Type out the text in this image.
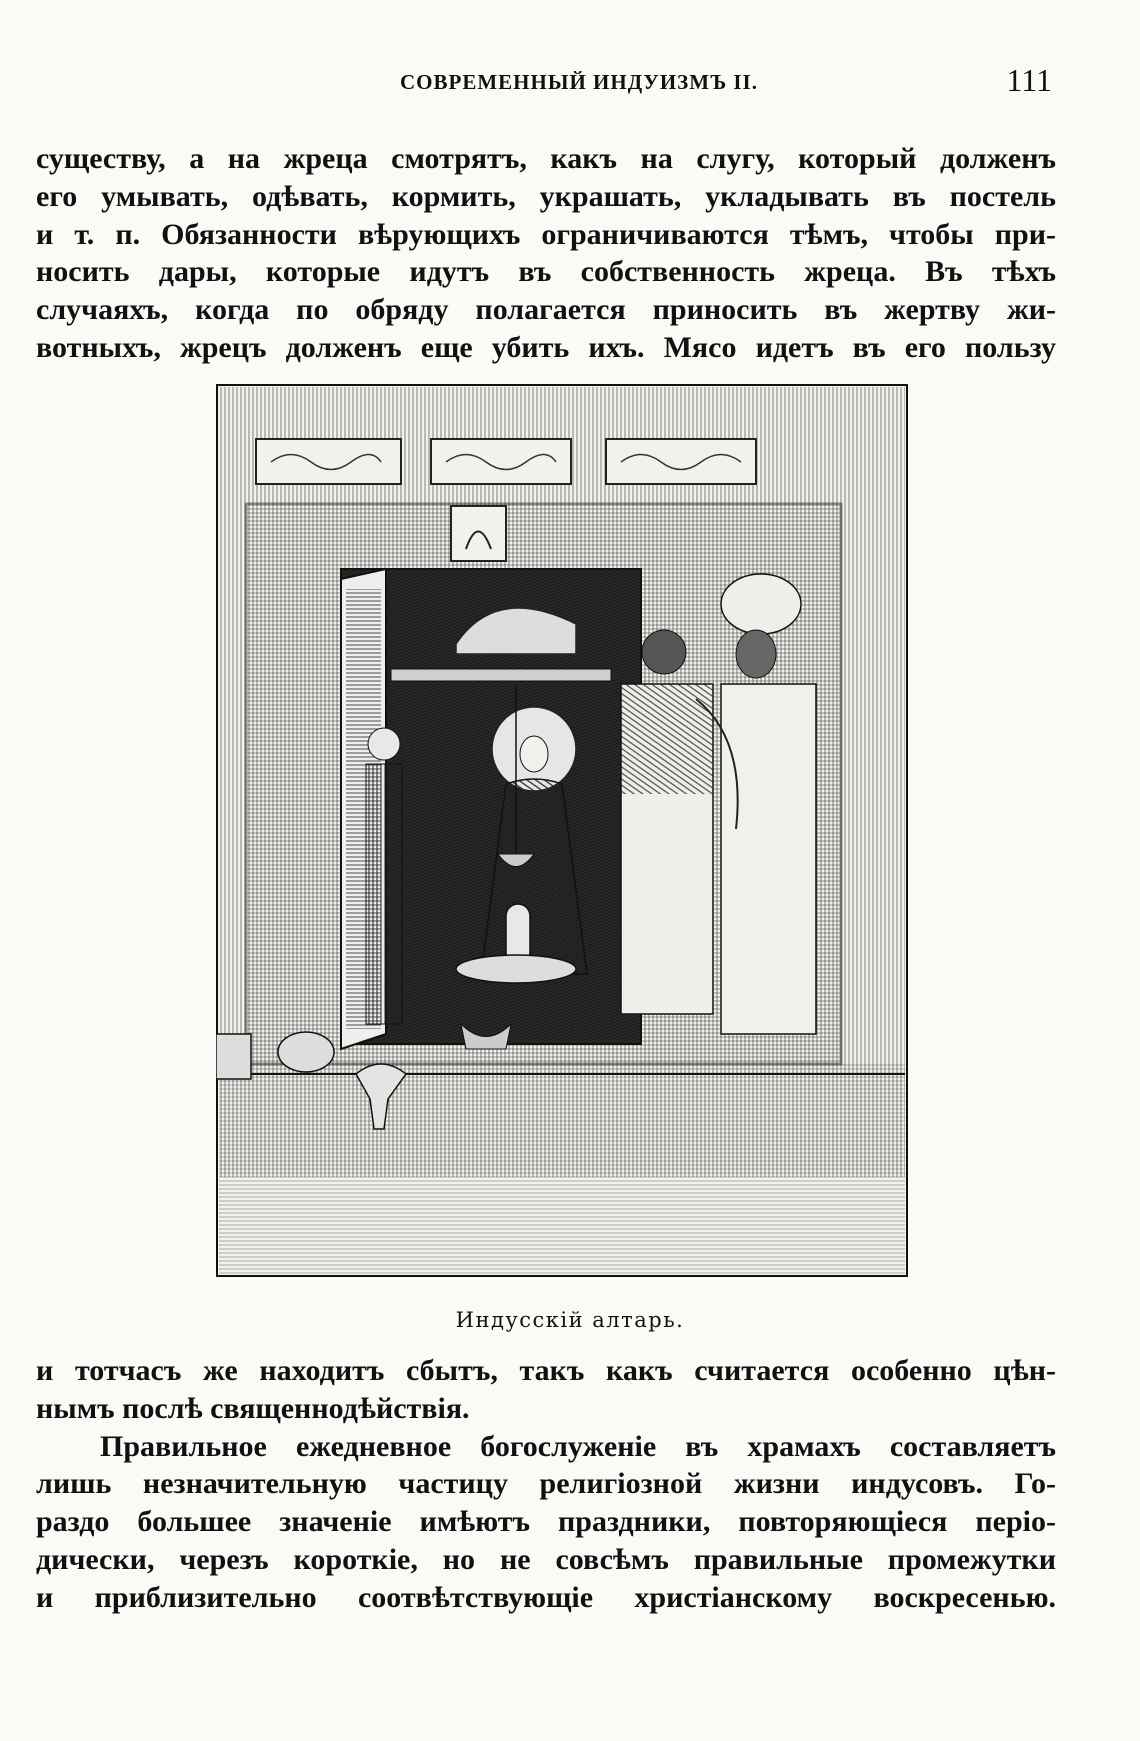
СОВРЕМЕННЫЙ ИНДУИЗМЪ II.	111

существу, а на жреца смотрятъ, какъ на слугу, который долженъ
его умывать, одѣвать, кормить, украшать, укладывать въ постель
и т. п. Обязанности вѣрующихъ ограничиваются тѣмъ, чтобы при-
носить дары, которые идутъ въ собственность жреца. Въ тѣхъ
случаяхъ, когда по обряду полагается приносить въ жертву жи-
вотныхъ, жрецъ долженъ еще убить ихъ. Мясо идетъ въ его пользу

Индусскій алтарь.

и тотчасъ же находитъ сбытъ, такъ какъ считается особенно цѣн-
нымъ послѣ священнодѣйствія.

Правильное ежедневное богослуженіе въ храмахъ составляетъ
лишь незначительную частицу религіозной жизни индусовъ. Го-
раздо большее значеніе имѣютъ праздники, повторяющіеся періо-
дически, черезъ короткіе, но не совсѣмъ правильные промежутки
и приблизительно соотвѣтствующіе христіанскому воскресенью.
